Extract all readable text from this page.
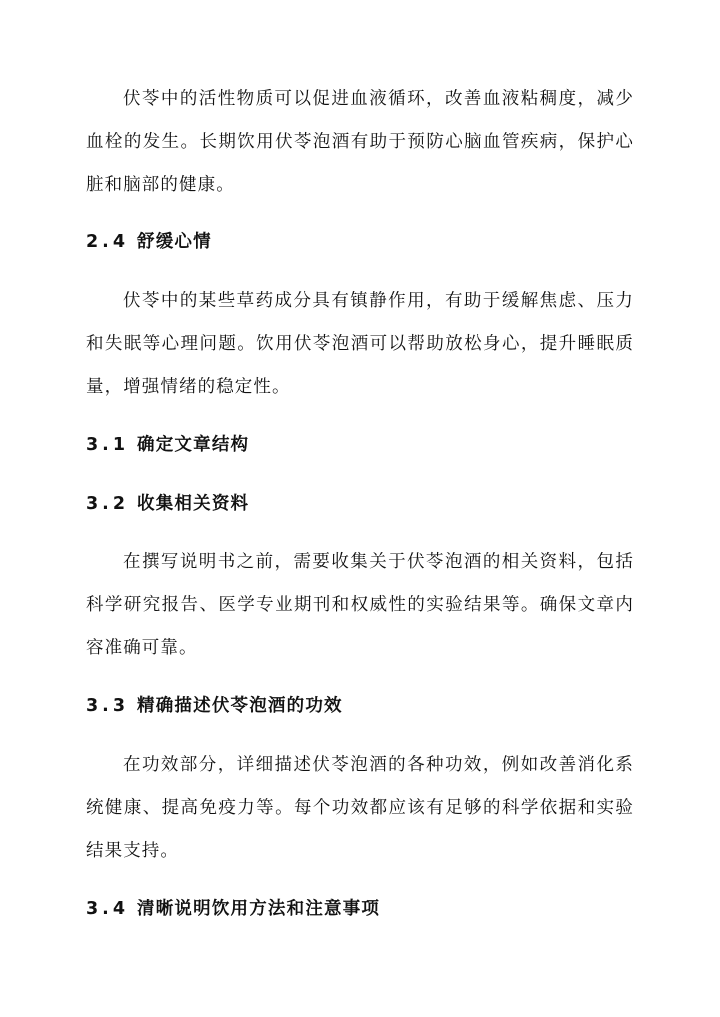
伏苓中的活性物质可以促进血液循环，改善血液粘稠度，减少血栓的发生。长期饮用伏苓泡酒有助于预防心脑血管疾病，保护心脏和脑部的健康。

2.4 舒缓心情

伏苓中的某些草药成分具有镇静作用，有助于缓解焦虑、压力和失眠等心理问题。饮用伏苓泡酒可以帮助放松身心，提升睡眠质量，增强情绪的稳定性。

3.1 确定文章结构
3.2 收集相关资料

在撰写说明书之前，需要收集关于伏苓泡酒的相关资料，包括科学研究报告、医学专业期刊和权威性的实验结果等。确保文章内容准确可靠。

3.3 精确描述伏苓泡酒的功效

在功效部分，详细描述伏苓泡酒的各种功效，例如改善消化系统健康、提高免疫力等。每个功效都应该有足够的科学依据和实验结果支持。

3.4 清晰说明饮用方法和注意事项
